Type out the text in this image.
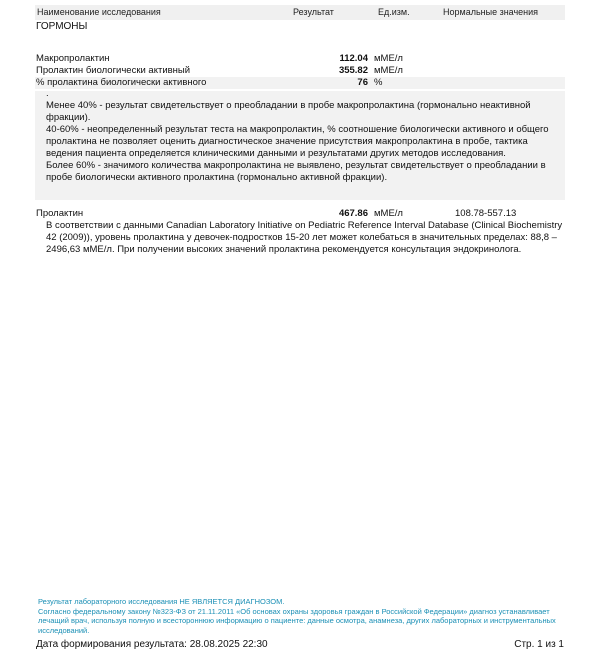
Наименование исследования	Результат	Ед.изм.	Нормальные значения
ГОРМОНЫ
Макропролактин	112.04 мМЕ/л
Пролактин биологически активный	355.82 мМЕ/л
% пролактина биологически активного	76 %
.

Менее 40% - результат свидетельствует о преобладании в пробе макропролактина (гормонально неактивной фракции).

40-60% - неопределенный результат теста на макропролактин, % соотношение биологически активного и общего пролактина не позволяет оценить диагностическое значение присутствия макропролактина в пробе, тактика ведения пациента определяется клиническими данными и результатами других методов исследования.

Более 60% - значимого количества макропролактина не выявлено, результат свидетельствует о преобладании в пробе биологически активного пролактина (гормонально активной фракции).

Пролактин	467.86 мМЕ/л	108.78-557.13
В соответствии с данными Canadian Laboratory Initiative on Pediatric Reference Interval Database (Clinical Biochemistry 42 (2009)), уровень пролактина у девочек-подростков 15-20 лет может колебаться в значительных пределах: 88,8 – 2496,63 мМЕ/л. При получении высоких значений пролактина рекомендуется консультация эндокринолога.

Результат лабораторного исследования НЕ ЯВЛЯЕТСЯ ДИАГНОЗОМ.

Согласно федеральному закону №323-ФЗ от 21.11.2011 «Об основах охраны здоровья граждан в Российской Федерации» диагноз устанавливает лечащий врач, используя полную и всестороннюю информацию о пациенте: данные осмотра, анамнеза, других лабораторных и инструментальных исследований.

Дата формирования результата: 28.08.2025 22:30	Стр. 1 из 1
